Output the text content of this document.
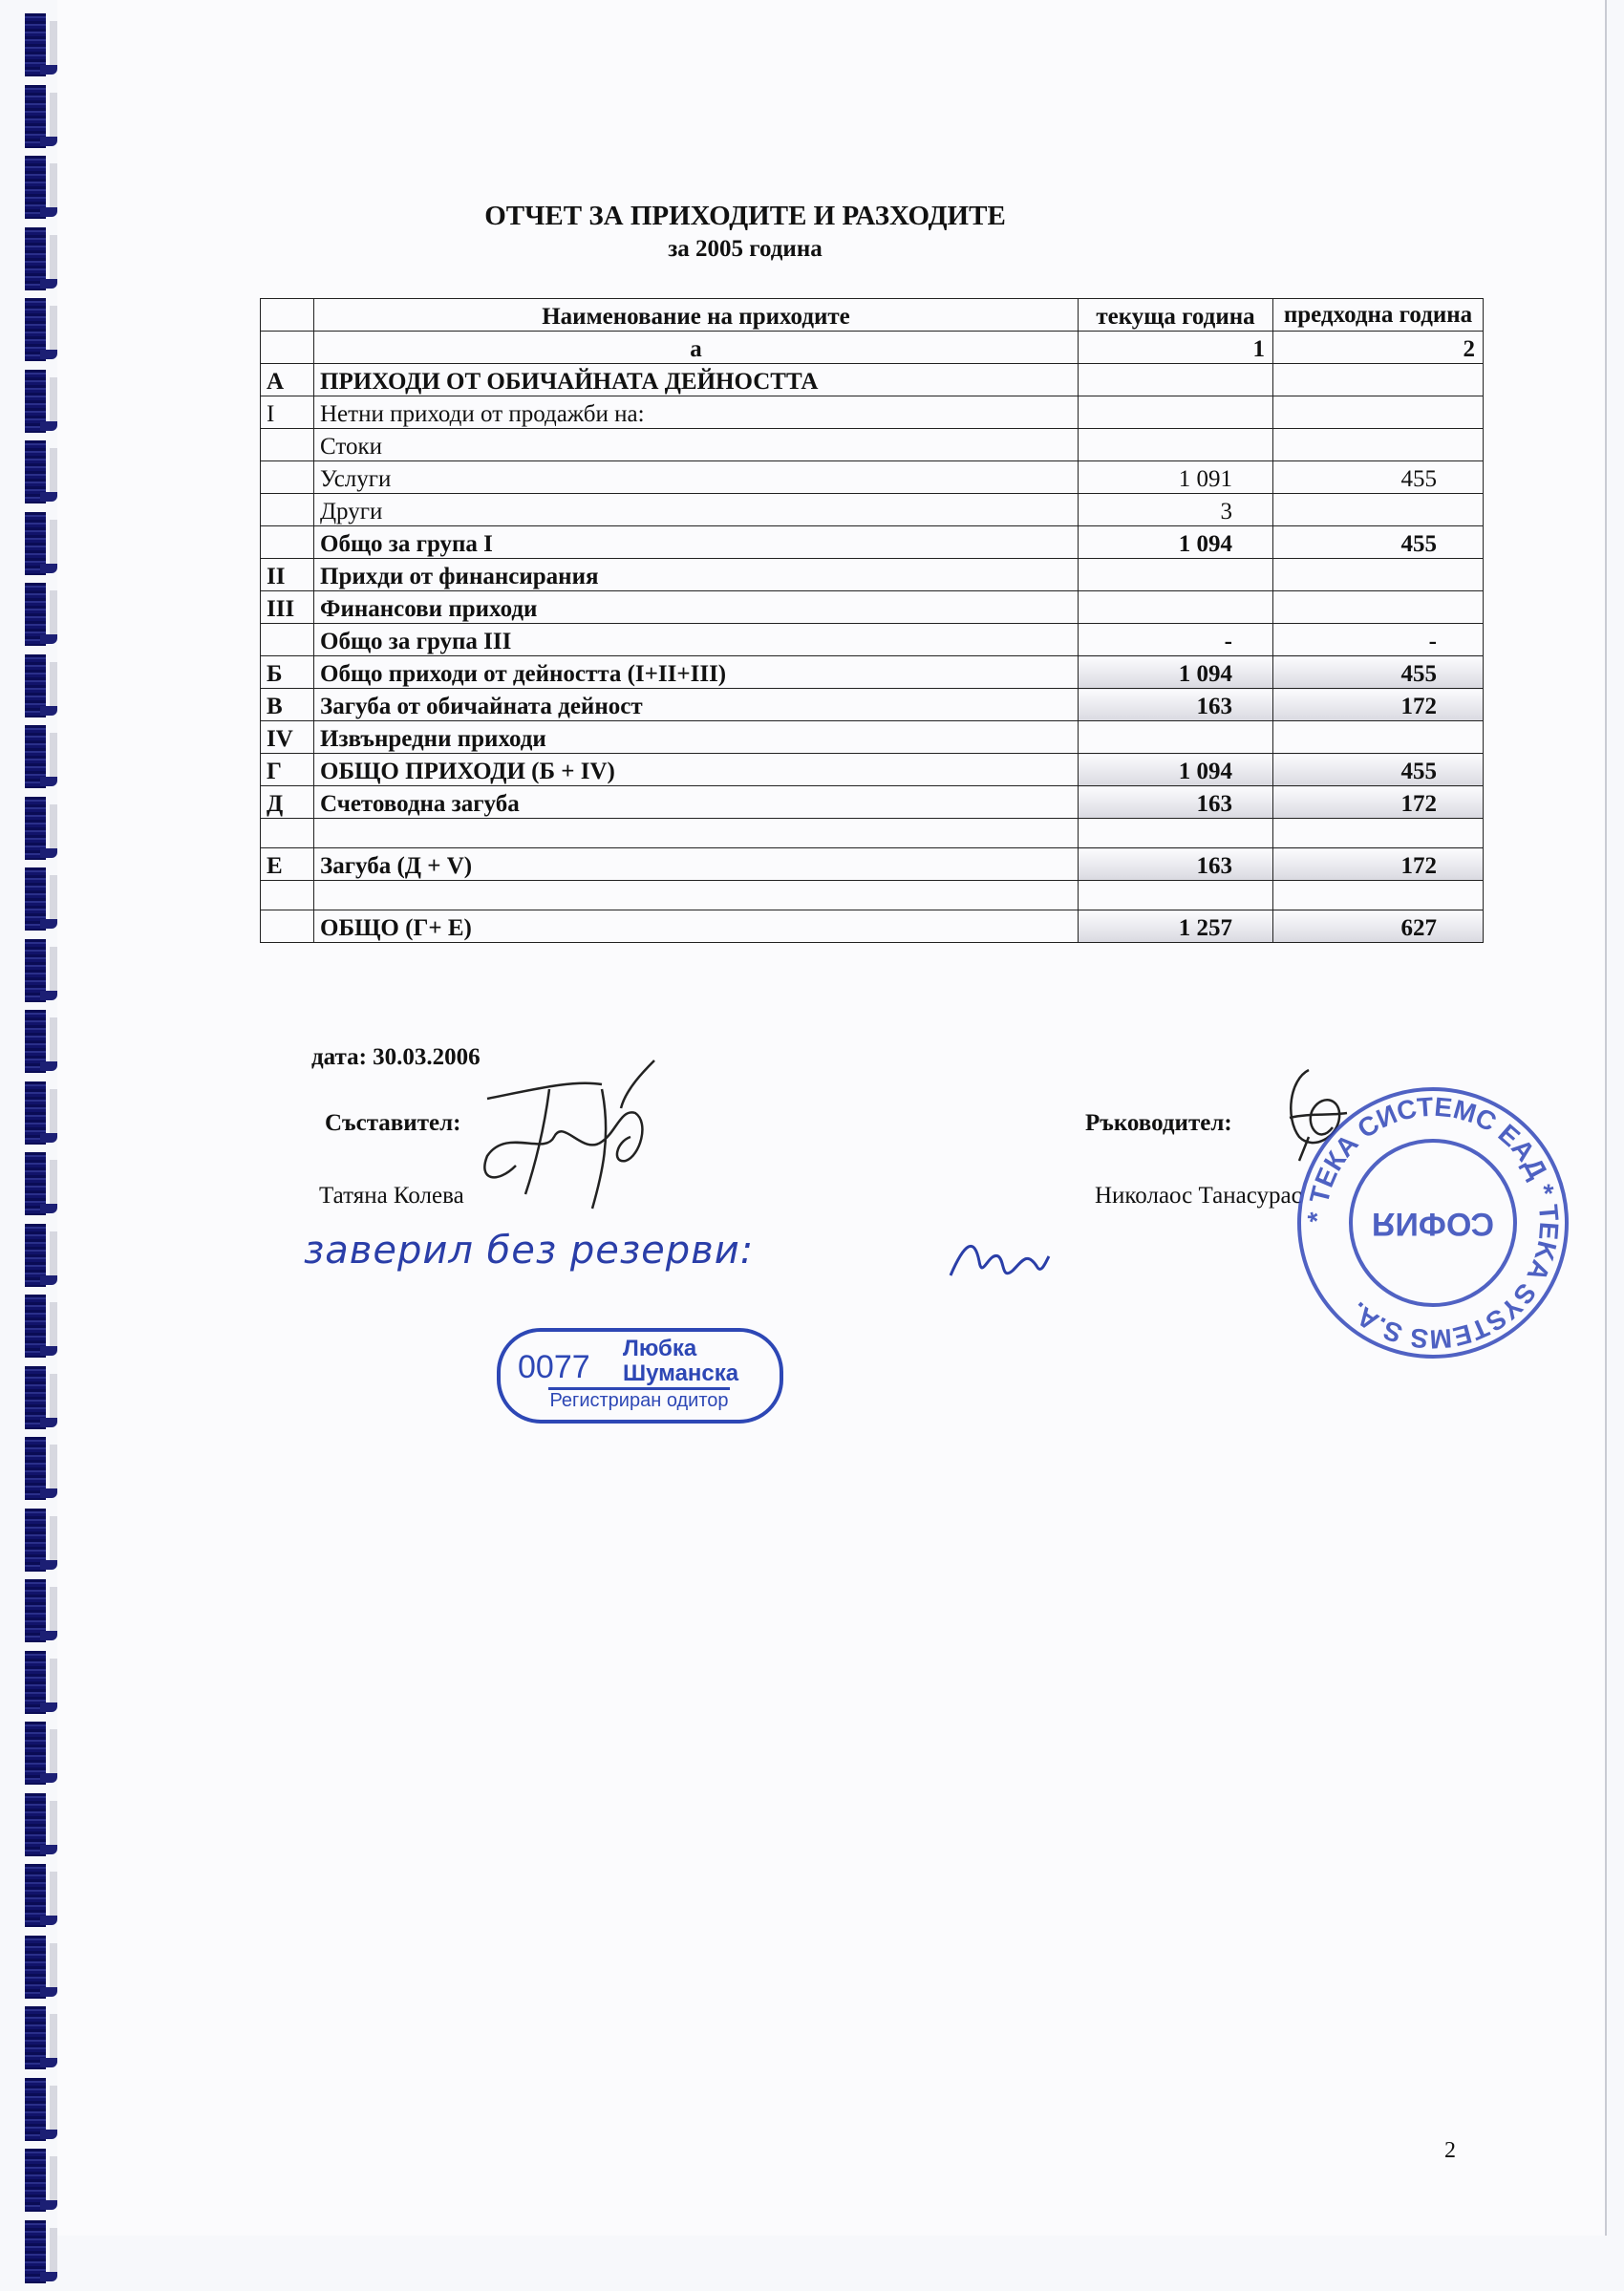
ОТЧЕТ ЗА ПРИХОДИТЕ И РАЗХОДИТЕ
за 2005 година
	Наименование на приходите	текуща година	предходна година
	а	1	2
А	ПРИХОДИ ОТ ОБИЧАЙНАТА ДЕЙНОСТТА		
I	Нетни приходи от продажби на:		
	Стоки		
	Услуги	1 091	455
	Други	3	
	Общо за група I	1 094	455
II	Прихди от финансирания		
III	Финансови приходи		
	Общо за група III	-	-
Б	Общо приходи от дейността (I+II+III)	1 094	455
В	Загуба от обичайната дейност	163	172
IV	Извънредни приходи		
Г	ОБЩО ПРИХОДИ (Б + IV)	1 094	455
Д	Счетоводна загуба	163	172

Е	Загуба (Д + V)	163	172

	ОБЩО (Г+ Е)	1 257	627
дата: 30.03.2006
Съставител:
Татяна Колева
Ръководител:
Николаос Танасурас
заверил без резерви:
0077
Любка
Шуманска
Регистриран одитор
* ТЕКА СИСТЕМС ЕАД * TEKA SYSTEMS S.A.
СОФИЯ
2
